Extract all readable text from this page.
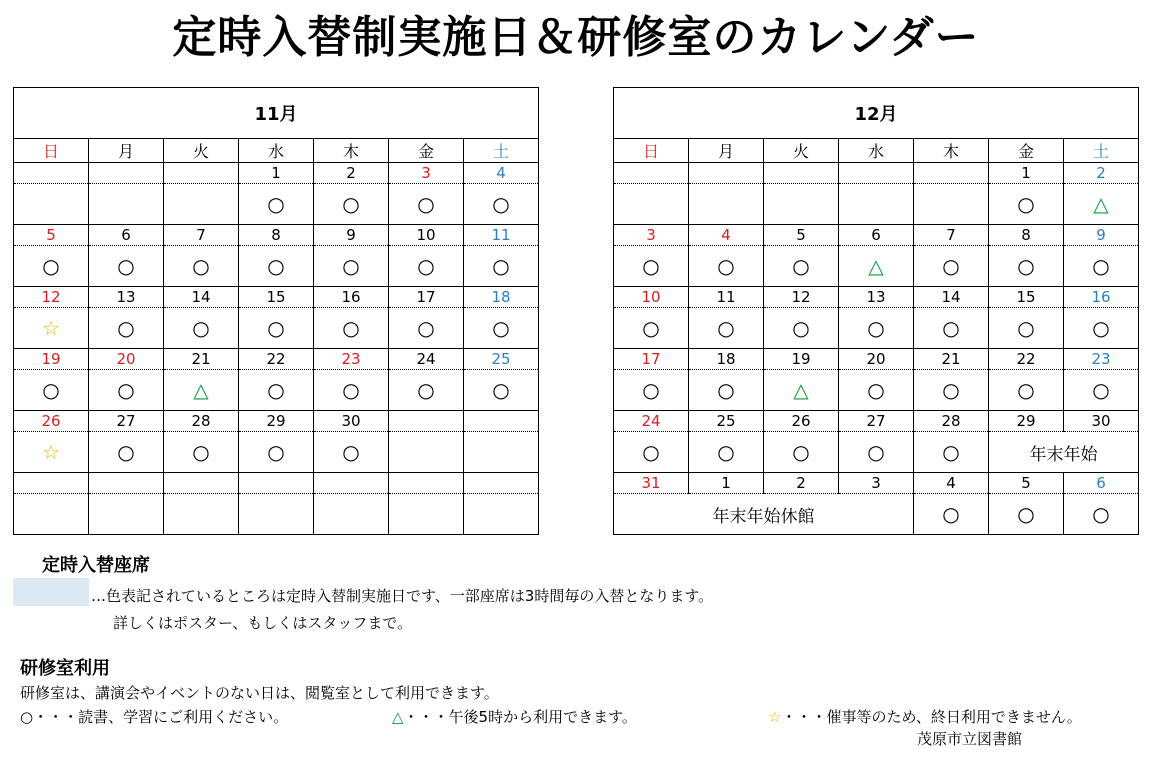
定時入替制実施日＆研修室のカレンダー
11月						
日	月	火	水	木	金	土
			1	2	3	4
			○	○	○	○
5	6	7	8	9	10	11
○	○	○	○	○	○	○
12	13	14	15	16	17	18
☆	○	○	○	○	○	○
19	20	21	22	23	24	25
○	○	△	○	○	○	○
26	27	28	29	30		
☆	○	○	○	○		

12月						
日	月	火	水	木	金	土
					1	2
					○	△
3	4	5	6	7	8	9
○	○	○	△	○	○	○
10	11	12	13	14	15	16
○	○	○	○	○	○	○
17	18	19	20	21	22	23
○	○	△	○	○	○	○
24	25	26	27	28	29	30
○	○	○	○	○	年末年始	
31	1	2	3	4	5	6
年末年始休館				○	○	○
定時入替座席
…色表記されているところは定時入替制実施日です、一部座席は3時間毎の入替となります。
詳しくはポスター、もしくはスタッフまで。
研修室利用
研修室は、講演会やイベントのない日は、閲覧室として利用できます。
○・・・読書、学習にご利用ください。	△・・・午後5時から利用できます。	☆・・・催事等のため、終日利用できません。
茂原市立図書館
